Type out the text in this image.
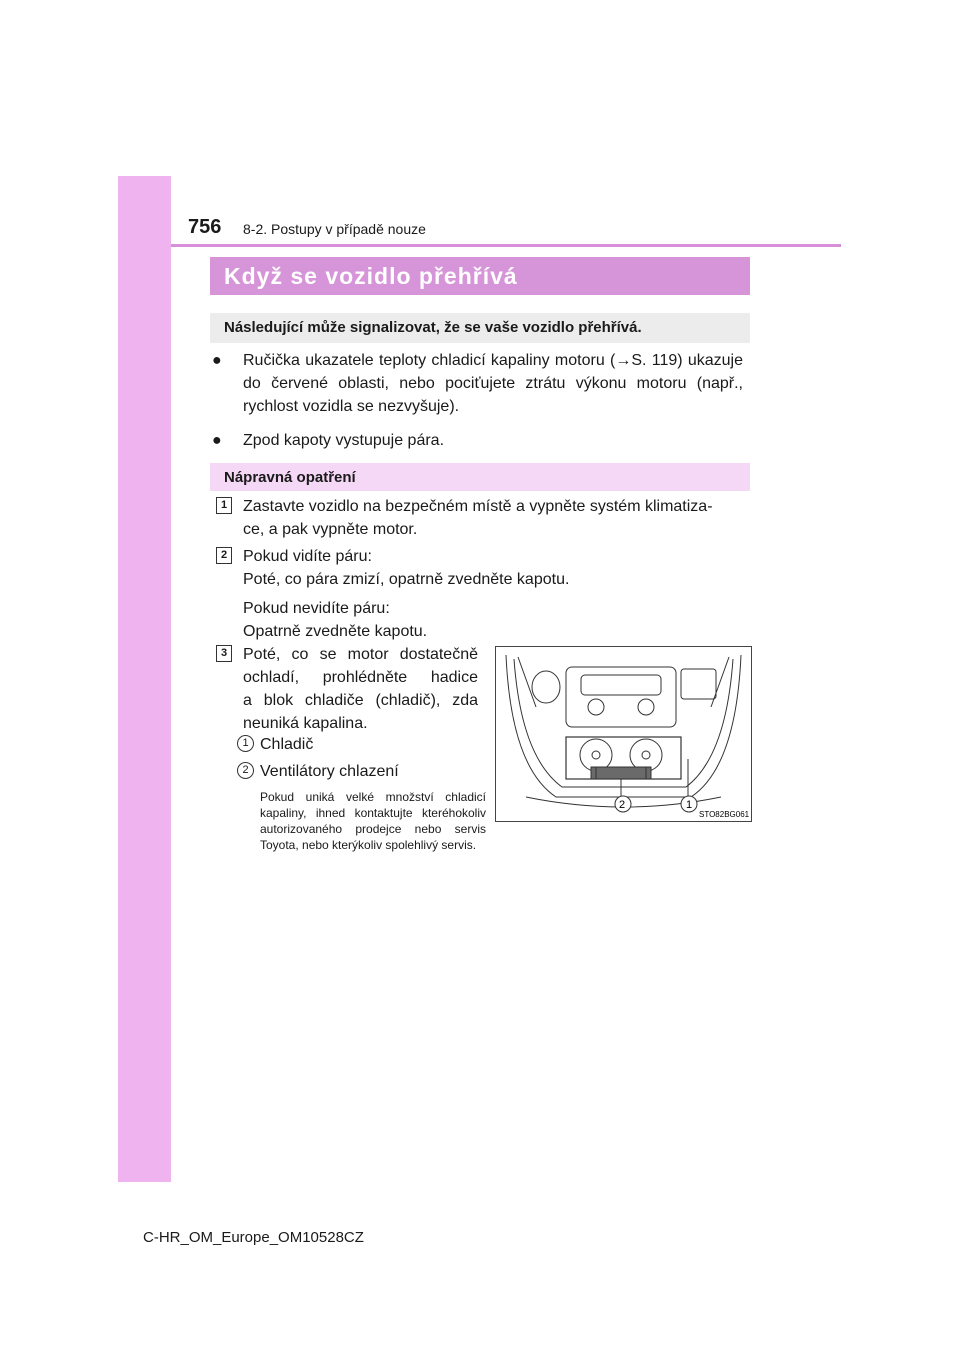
756 8-2. Postupy v případě nouze
Když se vozidlo přehřívá
Následující může signalizovat, že se vaše vozidlo přehřívá.
● Ručička ukazatele teploty chladicí kapaliny motoru (→S. 119) ukazuje do červené oblasti, nebo pociťujete ztrátu výkonu motoru (např., rychlost vozidla se nezvyšuje).
● Zpod kapoty vystupuje pára.
Nápravná opatření
1 Zastavte vozidlo na bezpečném místě a vypněte systém klimatiza-
ce, a pak vypněte motor.
2 Pokud vidíte páru:
Poté, co pára zmizí, opatrně zvedněte kapotu.
Pokud nevidíte páru:
Opatrně zvedněte kapotu.
3 Poté, co se motor dostatečně
ochladí, prohlédněte hadice
a blok chladiče (chladič), zda
neuniká kapalina.
1 Chladič
2 Ventilátory chlazení
Pokud uniká velké množství chladicí kapaliny, ihned kontaktujte kteréhokoliv autorizovaného prodejce nebo servis Toyota, nebo kterýkoliv spolehlivý servis.
2	1
STO82BG061
C-HR_OM_Europe_OM10528CZ
